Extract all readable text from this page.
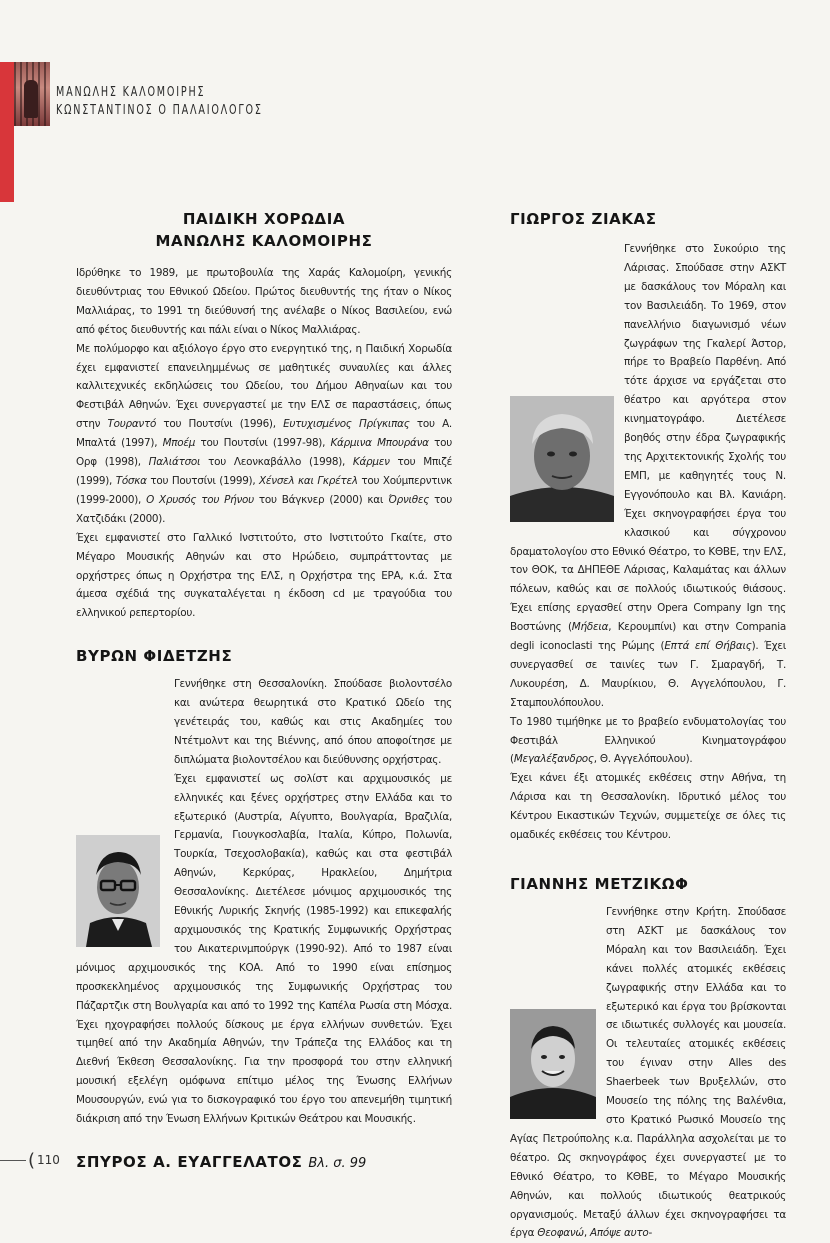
ΜΑΝΩΛΗΣ ΚΑΛΟΜΟΙΡΗΣ
ΚΩΝΣΤΑΝΤΙΝΟΣ Ο ΠΑΛΑΙΟΛΟΓΟΣ
ΠΑΙΔΙΚΗ ΧΟΡΩΔΙΑ
ΜΑΝΩΛΗΣ ΚΑΛΟΜΟΙΡΗΣ

Ιδρύθηκε το 1989, με πρωτοβουλία της Χαράς Καλομοίρη, γενικής διευθύντριας του Εθνικού Ωδείου. Πρώτος διευθυντής της ήταν ο Νίκος Μαλλιάρας, το 1991 τη διεύθυνσή της ανέλαβε ο Νίκος Βασιλείου, ενώ από φέτος διευθυντής και πάλι είναι ο Νίκος Μαλλιάρας.

Με πολύμορφο και αξιόλογο έργο στο ενεργητικό της, η Παιδική Χορωδία έχει εμφανιστεί επανειλημμένως σε μαθητικές συναυλίες και άλλες καλλιτεχνικές εκδηλώσεις του Ωδείου, του Δήμου Αθηναίων και του Φεστιβάλ Αθηνών. Έχει συνεργαστεί με την ΕΛΣ σε παραστάσεις, όπως στην Τουραντό του Πουτσίνι (1996), Ευτυχισμένος Πρίγκιπας του Α. Μπαλτά (1997), Μποέμ του Πουτσίνι (1997-98), Κάρμινα Μπουράνα του Ορφ (1998), Παλιάτσοι του Λεονκαβάλλο (1998), Κάρμεν του Μπιζέ (1999), Τόσκα του Πουτσίνι (1999), Χένσελ και Γκρέτελ του Χούμπερντινκ (1999-2000), Ο Χρυσός του Ρήνου του Βάγκνερ (2000) και Όρνιθες του Χατζιδάκι (2000).

Έχει εμφανιστεί στο Γαλλικό Ινστιτούτο, στο Ινστιτούτο Γκαίτε, στο Μέγαρο Μουσικής Αθηνών και στο Ηρώδειο, συμπράττοντας με ορχήστρες όπως η Ορχήστρα της ΕΛΣ, η Ορχήστρα της ΕΡΑ, κ.ά. Στα άμεσα σχέδιά της συγκαταλέγεται η έκδοση cd με τραγούδια του ελληνικού ρεπερτορίου.

ΒΥΡΩΝ ΦΙΔΕΤΖΗΣ

Γεννήθηκε στη Θεσσαλονίκη. Σπούδασε βιολοντσέλο και ανώτερα θεωρητικά στο Κρατικό Ωδείο της γενέτειράς του, καθώς και στις Ακαδημίες του Ντέτμολντ και της Βιέννης, από όπου αποφοίτησε με διπλώματα βιολοντσέλου και διεύθυνσης ορχήστρας.

Έχει εμφανιστεί ως σολίστ και αρχιμουσικός με ελληνικές και ξένες ορχήστρες στην Ελλάδα και το εξωτερικό (Αυστρία, Αίγυπτο, Βουλγαρία, Βραζιλία, Γερμανία, Γιουγκοσλαβία, Ιταλία, Κύπρο, Πολωνία, Τουρκία, Τσεχοσλοβακία), καθώς και στα φεστιβάλ Αθηνών, Κερκύρας, Ηρακλείου, Δημήτρια Θεσσαλονίκης. Διετέλεσε μόνιμος αρχιμουσικός της Εθνικής Λυρικής Σκηνής (1985-1992) και επικεφαλής αρχιμουσικός της Κρατικής Συμφωνικής Ορχήστρας του Αικατερινμπούργκ (1990-92). Από το 1987 είναι μόνιμος αρχιμουσικός της ΚΟΑ. Από το 1990 είναι επίσημος προσκεκλημένος αρχιμουσικός της Συμφωνικής Ορχήστρας του Πάζαρτζικ στη Βουλγαρία και από το 1992 της Καπέλα Ρωσία στη Μόσχα. Έχει ηχογραφήσει πολλούς δίσκους με έργα ελλήνων συνθετών. Έχει τιμηθεί από την Ακαδημία Αθηνών, την Τράπεζα της Ελλάδος και τη Διεθνή Έκθεση Θεσσαλονίκης. Για την προσφορά του στην ελληνική μουσική εξελέγη ομόφωνα επίτιμο μέλος της Ένωσης Ελλήνων Μουσουργών, ενώ για το δισκογραφικό του έργο του απενεμήθη τιμητική διάκριση από την Ένωση Ελλήνων Κριτικών Θεάτρου και Μουσικής.

ΣΠΥΡΟΣ Α. ΕΥΑΓΓΕΛΑΤΟΣ Βλ. σ. 99
ΓΙΩΡΓΟΣ ΖΙΑΚΑΣ

Γεννήθηκε στο Συκούριο της Λάρισας. Σπούδασε στην ΑΣΚΤ με δασκάλους τον Μόραλη και τον Βασιλειάδη. Το 1969, στον πανελλήνιο διαγωνισμό νέων ζωγράφων της Γκαλερί Άστορ, πήρε το Βραβείο Παρθένη. Από τότε άρχισε να εργάζεται στο θέατρο και αργότερα στον κινηματογράφο. Διετέλεσε βοηθός στην έδρα ζωγραφικής της Αρχιτεκτονικής Σχολής του ΕΜΠ, με καθηγητές τους Ν. Εγγονόπουλο και Βλ. Κανιάρη. Έχει σκηνογραφήσει έργα του κλασικού και σύγχρονου δραματολογίου στο Εθνικό Θέατρο, το ΚΘΒΕ, την ΕΛΣ, τον ΘΟΚ, τα ΔΗΠΕΘΕ Λάρισας, Καλαμάτας και άλλων πόλεων, καθώς και σε πολλούς ιδιωτικούς θιάσους. Έχει επίσης εργασθεί στην Opera Company Ign της Βοστώνης (Μήδεια, Κερουμπίνι) και στην Compania degli iconoclasti της Ρώμης (Επτά επί Θήβαις). Έχει συνεργασθεί σε ταινίες των Γ. Σμαραγδή, Τ. Λυκουρέση, Δ. Μαυρίκιου, Θ. Αγγελόπουλου, Γ. Σταμπουλόπουλου.

Το 1980 τιμήθηκε με το βραβείο ενδυματολογίας του Φεστιβάλ Ελληνικού Κινηματογράφου (Μεγαλέξανδρος, Θ. Αγγελόπουλου).

Έχει κάνει έξι ατομικές εκθέσεις στην Αθήνα, τη Λάρισα και τη Θεσσαλονίκη. Ιδρυτικό μέλος του Κέντρου Εικαστικών Τεχνών, συμμετείχε σε όλες τις ομαδικές εκθέσεις του Κέντρου.

ΓΙΑΝΝΗΣ ΜΕΤΖΙΚΩΦ

Γεννήθηκε στην Κρήτη. Σπούδασε στη ΑΣΚΤ με δασκάλους τον Μόραλη και τον Βασιλειάδη. Έχει κάνει πολλές ατομικές εκθέσεις ζωγραφικής στην Ελλάδα και το εξωτερικό και έργα του βρίσκονται σε ιδιωτικές συλλογές και μουσεία. Οι τελευταίες ατομικές εκθέσεις του έγιναν στην Alles des Shaerbeek των Βρυξελλών, στο Μουσείο της πόλης της Βαλένθια, στο Κρατικό Ρωσικό Μουσείο της Αγίας Πετρούπολης κ.α. Παράλληλα ασχολείται με το θέατρο. Ως σκηνογράφος έχει συνεργαστεί με το Εθνικό Θέατρο, το ΚΘΒΕ, το Μέγαρο Μουσικής Αθηνών, και πολλούς ιδιωτικούς θεατρικούς οργανισμούς. Μεταξύ άλλων έχει σκηνογραφήσει τα έργα Θεοφανώ, Απόψε αυτο-

( 110
